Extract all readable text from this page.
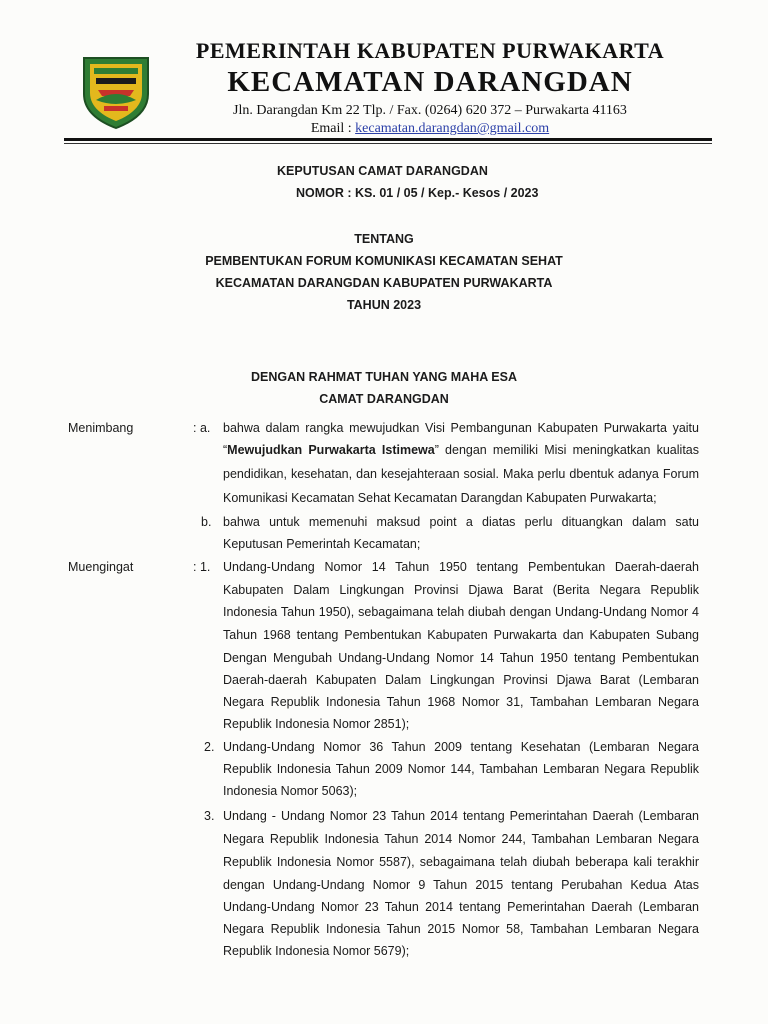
PEMERINTAH KABUPATEN PURWAKARTA
KECAMATAN DARANGDAN
Jln. Darangdan Km 22 Tlp. / Fax. (0264) 620 372 – Purwakarta 41163
Email : kecamatan.darangdan@gmail.com
KEPUTUSAN CAMAT DARANGDAN
NOMOR : KS. 01 / 05 / Kep.- Kesos / 2023
TENTANG
PEMBENTUKAN FORUM KOMUNIKASI KECAMATAN SEHAT
KECAMATAN DARANGDAN KABUPATEN PURWAKARTA
TAHUN 2023
DENGAN RAHMAT TUHAN YANG MAHA ESA
CAMAT DARANGDAN
Menimbang	: a. bahwa dalam rangka mewujudkan Visi Pembangunan Kabupaten Purwakarta yaitu
“Mewujudkan Purwakarta Istimewa” dengan memiliki Misi meningkatkan kualitas
pendidikan, kesehatan, dan kesejahteraan sosial. Maka perlu dbentuk adanya Forum
Komunikasi Kecamatan Sehat Kecamatan Darangdan Kabupaten Purwakarta;
b. bahwa untuk memenuhi maksud point a diatas perlu dituangkan dalam satu
Keputusan Pemerintah Kecamatan;
Muengingat	: 1. Undang-Undang Nomor 14 Tahun 1950 tentang Pembentukan Daerah-daerah
Kabupaten Dalam Lingkungan Provinsi Djawa Barat (Berita Negara Republik
Indonesia Tahun 1950), sebagaimana telah diubah dengan Undang-Undang Nomor 4
Tahun 1968 tentang Pembentukan Kabupaten Purwakarta dan Kabupaten Subang
Dengan Mengubah Undang-Undang Nomor 14 Tahun 1950 tentang Pembentukan
Daerah-daerah Kabupaten Dalam Lingkungan Provinsi Djawa Barat (Lembaran
Negara Republik Indonesia Tahun 1968 Nomor 31, Tambahan Lembaran Negara
Republik Indonesia Nomor 2851);
2. Undang-Undang Nomor 36 Tahun 2009 tentang Kesehatan (Lembaran Negara
Republik Indonesia Tahun 2009 Nomor 144, Tambahan Lembaran Negara Republik
Indonesia Nomor 5063);
3. Undang - Undang Nomor 23 Tahun 2014 tentang Pemerintahan Daerah (Lembaran
Negara Republik Indonesia Tahun 2014 Nomor 244, Tambahan Lembaran Negara
Republik Indonesia Nomor 5587), sebagaimana telah diubah beberapa kali terakhir
dengan Undang-Undang Nomor 9 Tahun 2015 tentang Perubahan Kedua Atas
Undang-Undang Nomor 23 Tahun 2014 tentang Pemerintahan Daerah (Lembaran
Negara Republik Indonesia Tahun 2015 Nomor 58, Tambahan Lembaran Negara
Republik Indonesia Nomor 5679);
